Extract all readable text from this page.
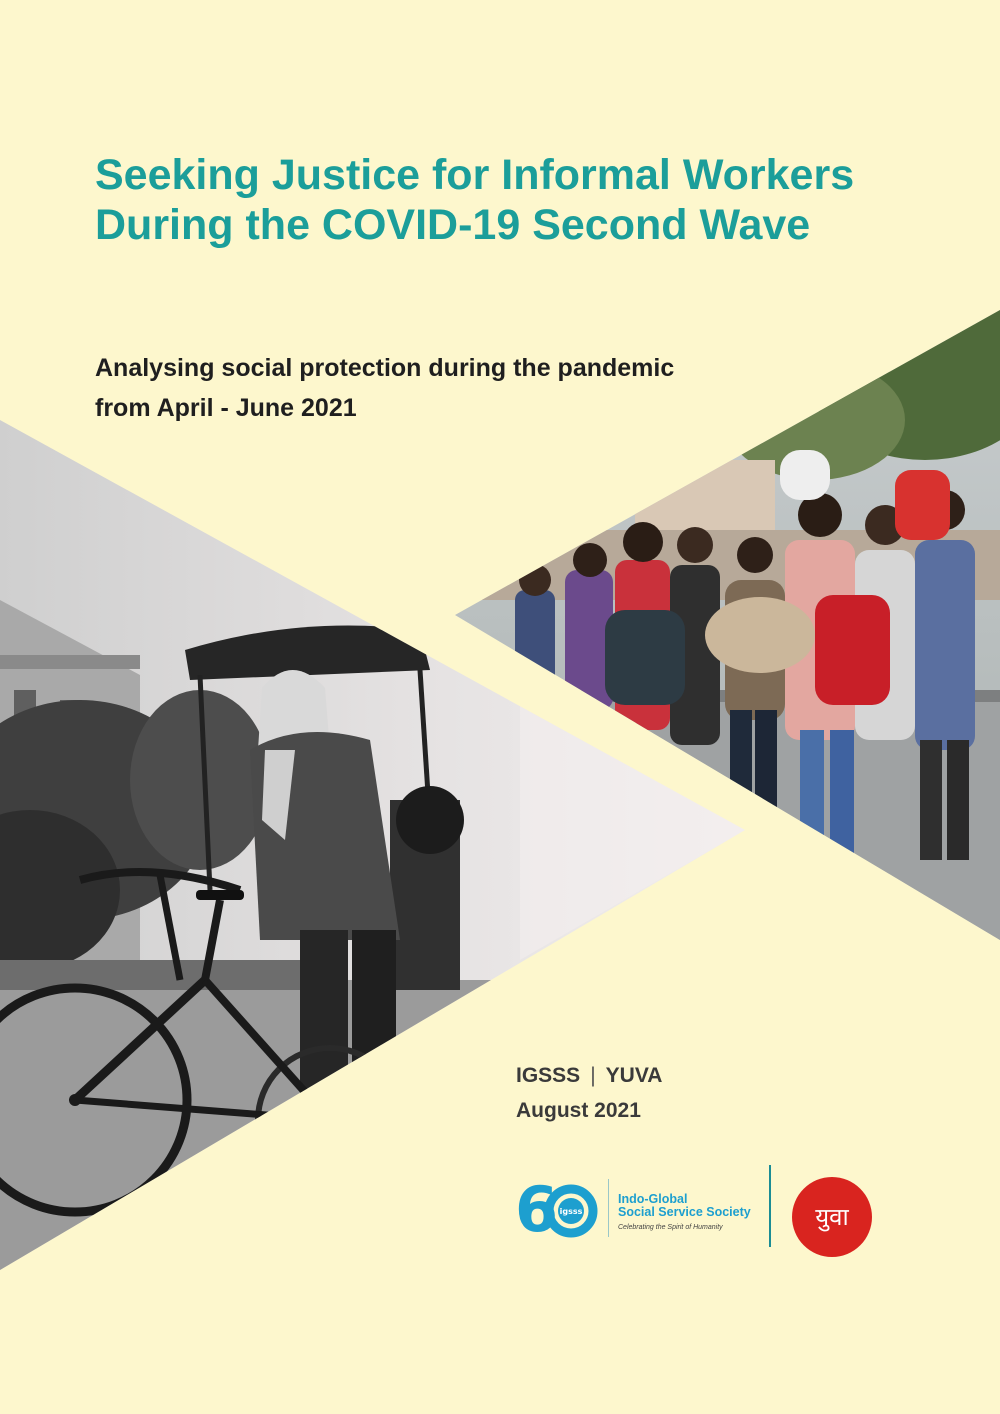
Seeking Justice for Informal Workers During the COVID-19 Second Wave
Analysing social protection during the pandemic from April - June 2021
IGSSS | YUVA
August 2021
6 igsss
Indo-Global
Social Service Society
Celebrating the Spirit of Humanity	युवा
